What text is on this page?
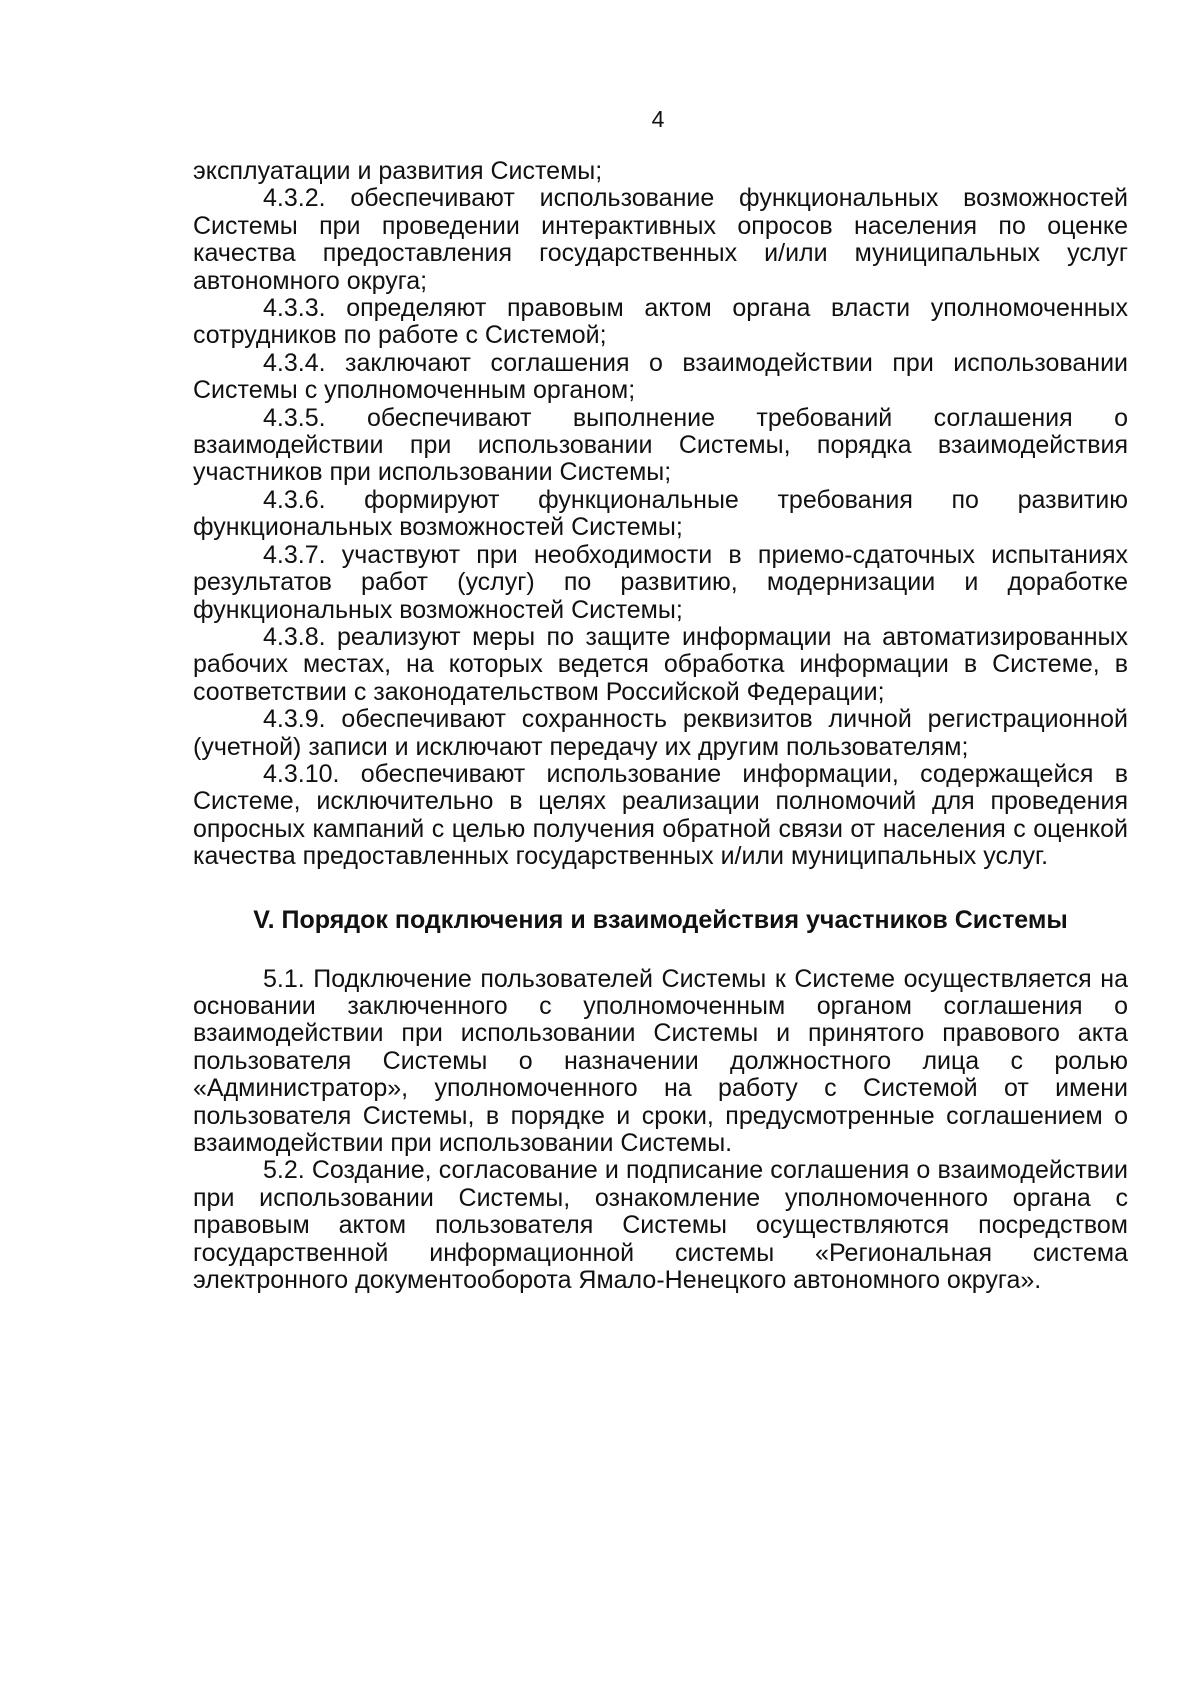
4

эксплуатации и развития Системы;

4.3.2. обеспечивают использование функциональных возможностей Системы при проведении интерактивных опросов населения по оценке качества предоставления государственных и/или муниципальных услуг автономного округа;

4.3.3. определяют правовым актом органа власти уполномоченных сотрудников по работе с Системой;

4.3.4. заключают соглашения о взаимодействии при использовании Системы с уполномоченным органом;

4.3.5. обеспечивают выполнение требований соглашения о взаимодействии при использовании Системы, порядка взаимодействия участников при использовании Системы;

4.3.6. формируют функциональные требования по развитию функциональных возможностей Системы;

4.3.7. участвуют при необходимости в приемо-сдаточных испытаниях результатов работ (услуг) по развитию, модернизации и доработке функциональных возможностей Системы;

4.3.8. реализуют меры по защите информации на автоматизированных рабочих местах, на которых ведется обработка информации в Системе, в соответствии с законодательством Российской Федерации;

4.3.9. обеспечивают сохранность реквизитов личной регистрационной (учетной) записи и исключают передачу их другим пользователям;

4.3.10. обеспечивают использование информации, содержащейся в Системе, исключительно в целях реализации полномочий для проведения опросных кампаний с целью получения обратной связи от населения с оценкой качества предоставленных государственных и/или муниципальных услуг.

V. Порядок подключения и взаимодействия участников Системы

5.1. Подключение пользователей Системы к Системе осуществляется на основании заключенного с уполномоченным органом соглашения о взаимодействии при использовании Системы и принятого правового акта пользователя Системы о назначении должностного лица с ролью «Администратор», уполномоченного на работу с Системой от имени пользователя Системы, в порядке и сроки, предусмотренные соглашением о взаимодействии при использовании Системы.

5.2. Создание, согласование и подписание соглашения о взаимодействии при использовании Системы, ознакомление уполномоченного органа с правовым актом пользователя Системы осуществляются посредством государственной информационной системы «Региональная система электронного документооборота Ямало-Ненецкого автономного округа».
